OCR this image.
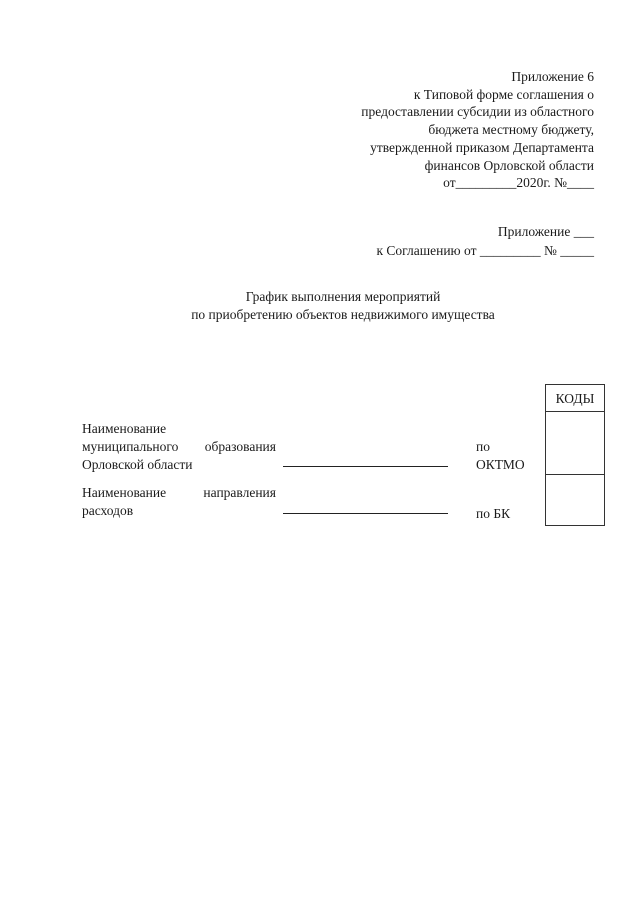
Приложение 6
к Типовой форме соглашения о
предоставлении субсидии из областного
бюджета местному бюджету,
утвержденной приказом Департамента
финансов Орловской области
от_________2020г. №____
Приложение ___
к Соглашению от _________ № _____
График выполнения мероприятий
по приобретению объектов недвижимого имущества
Наименование
муниципального образования
Орловской области
по
ОКТМО
Наименование	направления
расходов	по БК
КОДЫ
